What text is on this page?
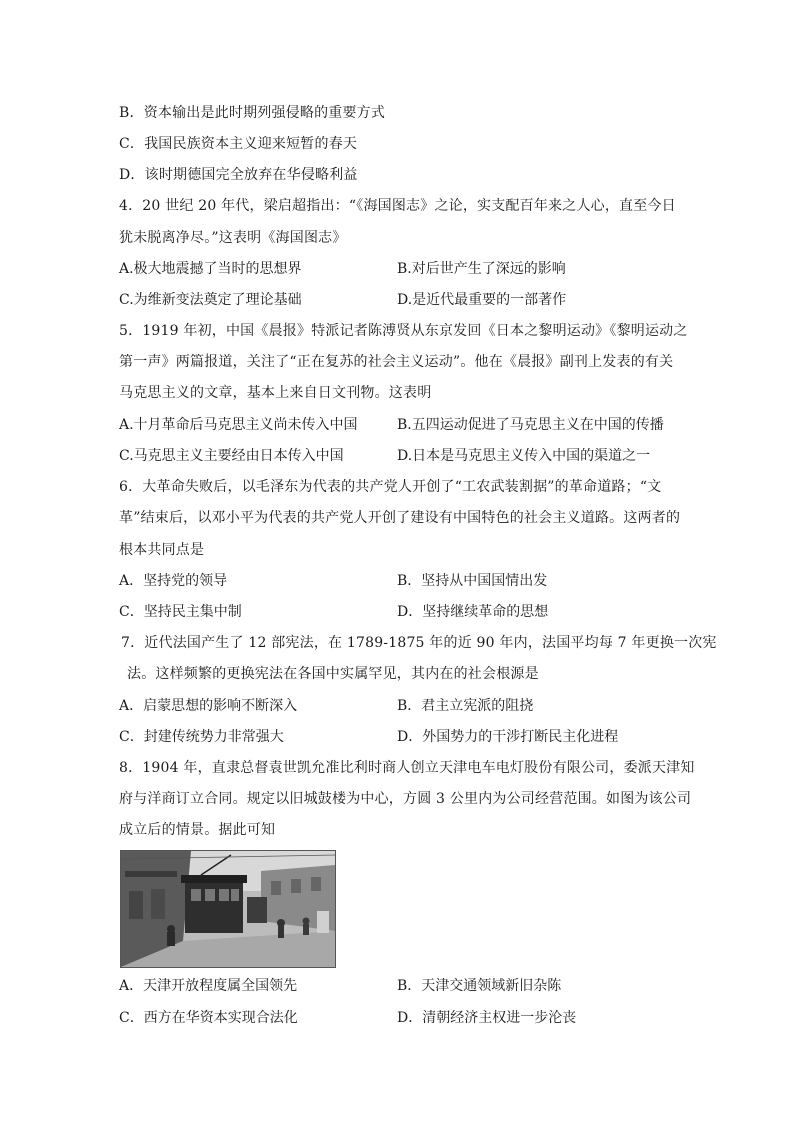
B．资本输出是此时期列强侵略的重要方式
C．我国民族资本主义迎来短暂的春天
D．该时期德国完全放弃在华侵略利益
4．20 世纪 20 年代，梁启超指出：“《海国图志》之论，实支配百年来之人心，直至今日
犹未脱离净尽。”这表明《海国图志》
A.极大地震撼了当时的思想界	B.对后世产生了深远的影响
C.为维新变法奠定了理论基础	D.是近代最重要的一部著作
5．1919 年初，中国《晨报》特派记者陈溥贤从东京发回《日本之黎明运动》《黎明运动之
第一声》两篇报道，关注了“正在复苏的社会主义运动”。他在《晨报》副刊上发表的有关
马克思主义的文章，基本上来自日文刊物。这表明
A.十月革命后马克思主义尚未传入中国	B.五四运动促进了马克思主义在中国的传播
C.马克思主义主要经由日本传入中国	D.日本是马克思主义传入中国的渠道之一
6．大革命失败后，以毛泽东为代表的共产党人开创了“工农武装割据”的革命道路；“文
革”结束后，以邓小平为代表的共产党人开创了建设有中国特色的社会主义道路。这两者的
根本共同点是
A．坚持党的领导	B．坚持从中国国情出发
C．坚持民主集中制	D．坚持继续革命的思想
7．近代法国产生了 12 部宪法，在 1789-1875 年的近 90 年内，法国平均每 7 年更换一次宪
法。这样频繁的更换宪法在各国中实属罕见，其内在的社会根源是
A．启蒙思想的影响不断深入	B．君主立宪派的阻挠
C．封建传统势力非常强大	D．外国势力的干涉打断民主化进程
8．1904 年，直隶总督袁世凯允准比利时商人创立天津电车电灯股份有限公司，委派天津知
府与洋商订立合同。规定以旧城鼓楼为中心，方圆 3 公里内为公司经营范围。如图为该公司
成立后的情景。据此可知
A．天津开放程度属全国领先	B．天津交通领域新旧杂陈
C．西方在华资本实现合法化	D．清朝经济主权进一步沦丧
